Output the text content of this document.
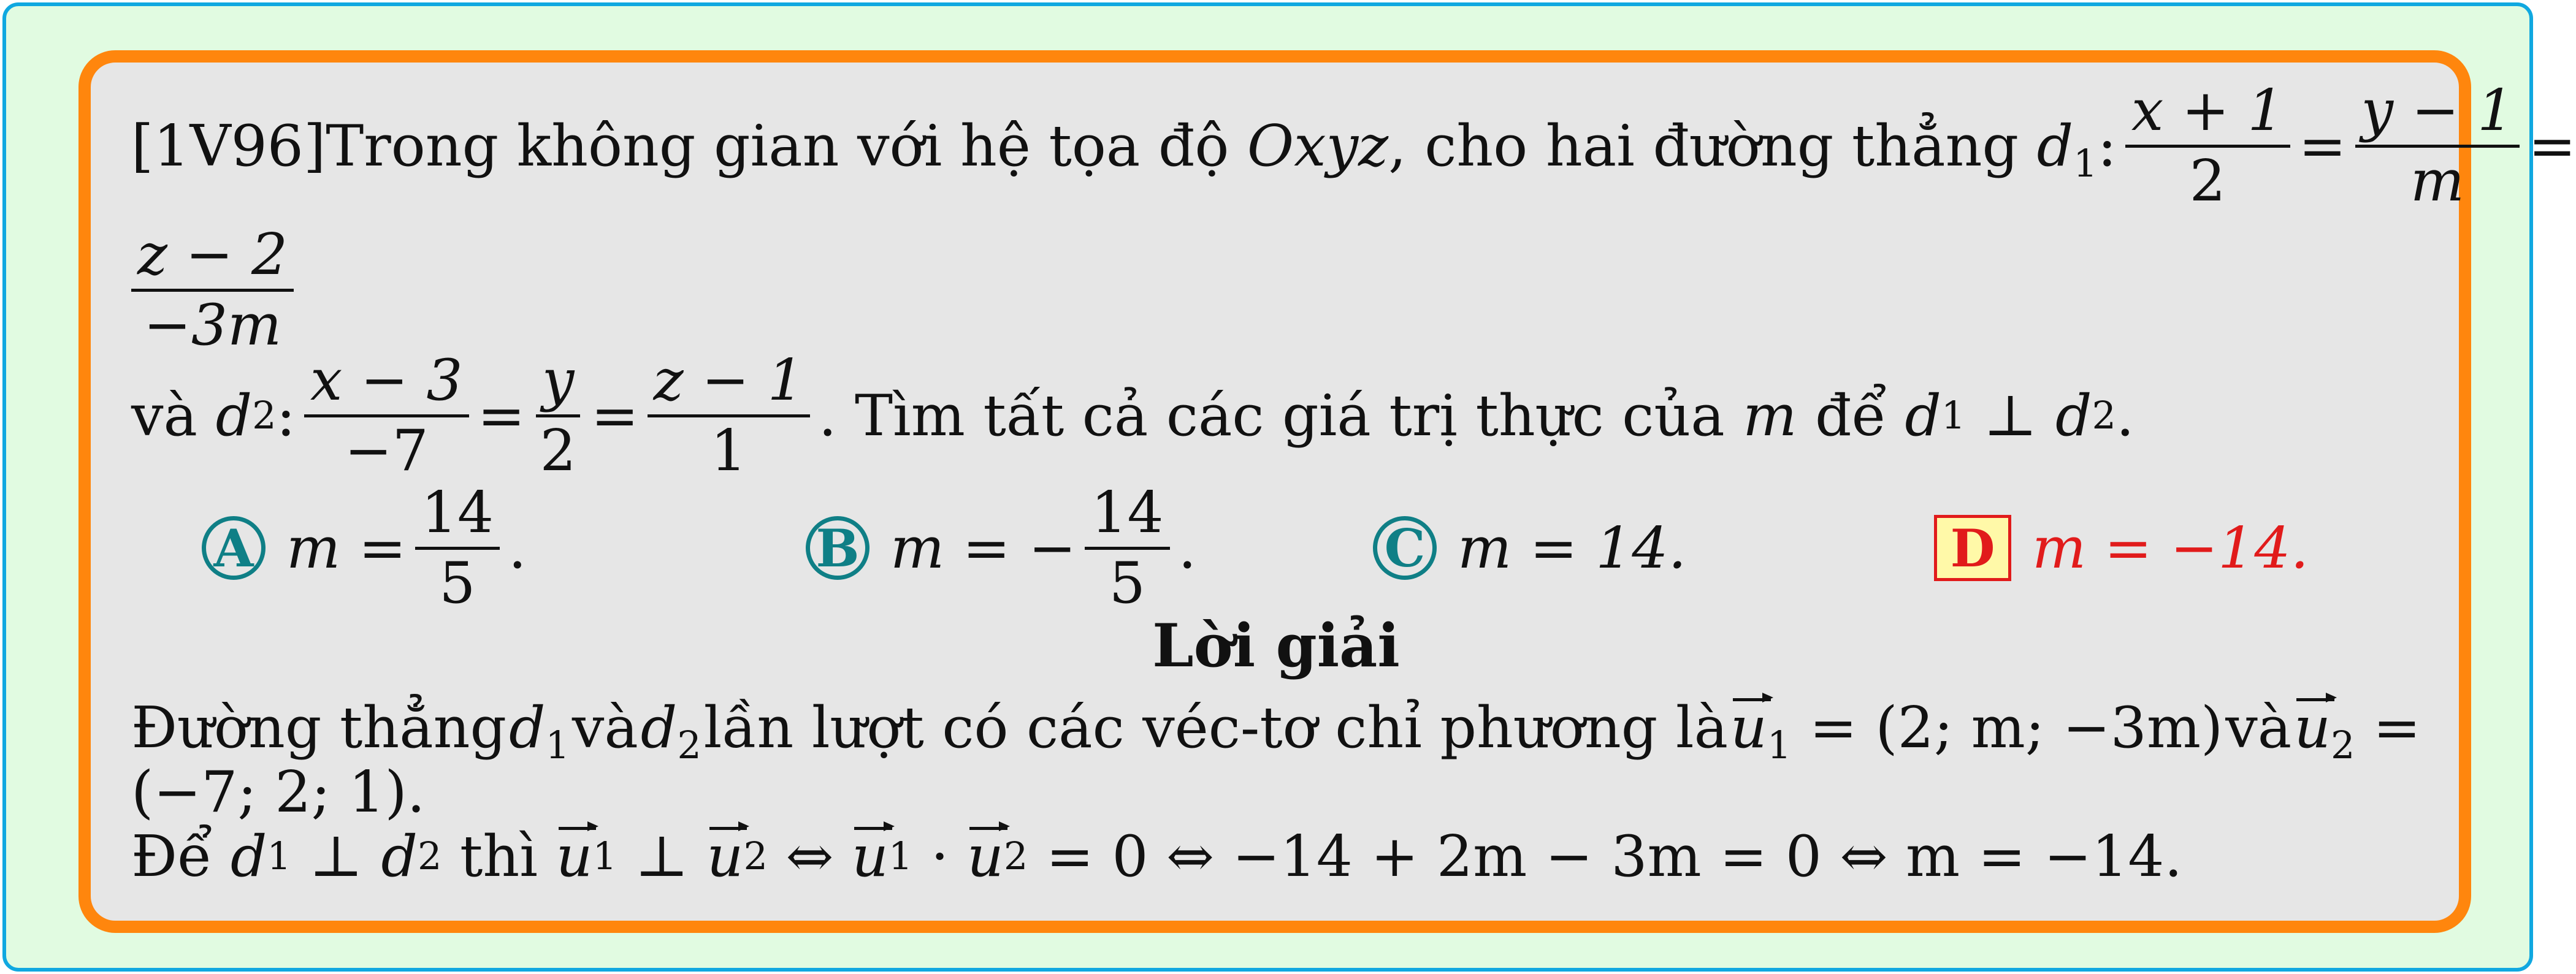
[1V96]Trong không gian với hệ tọa độ Oxyz, cho hai đường thẳng $d_1$: $\frac{x + 1}{2} = \frac{y - 1}{m}$ =
$\frac{z - 2}{-3m}$
và
d 2 : $\frac{x - 3}{-7} = \frac{y}{2} = \frac{z - 1}{1}$ . Tìm tất cả các giá trị thực của
m
để
d 1
⊥
d 2 .
A $m = \frac{14}{5}$ .	B m = − $\frac{14}{5}$ .	C m = 14.	D m = −14.
Lời giải
Đường thẳng $d_1$ và $d_2$ lần lượt có các véc-tơ chỉ phương là $u_1 = (2$; m; −3m) và $u_2$ =
(−7; 2; 1).
Để
d 1
⊥
d 2
thì
u 1
⊥
u 2
⇔
u 1
·
u 2
= 0 ⇔ −14 + 2m − 3m = 0 ⇔ m = −14.
